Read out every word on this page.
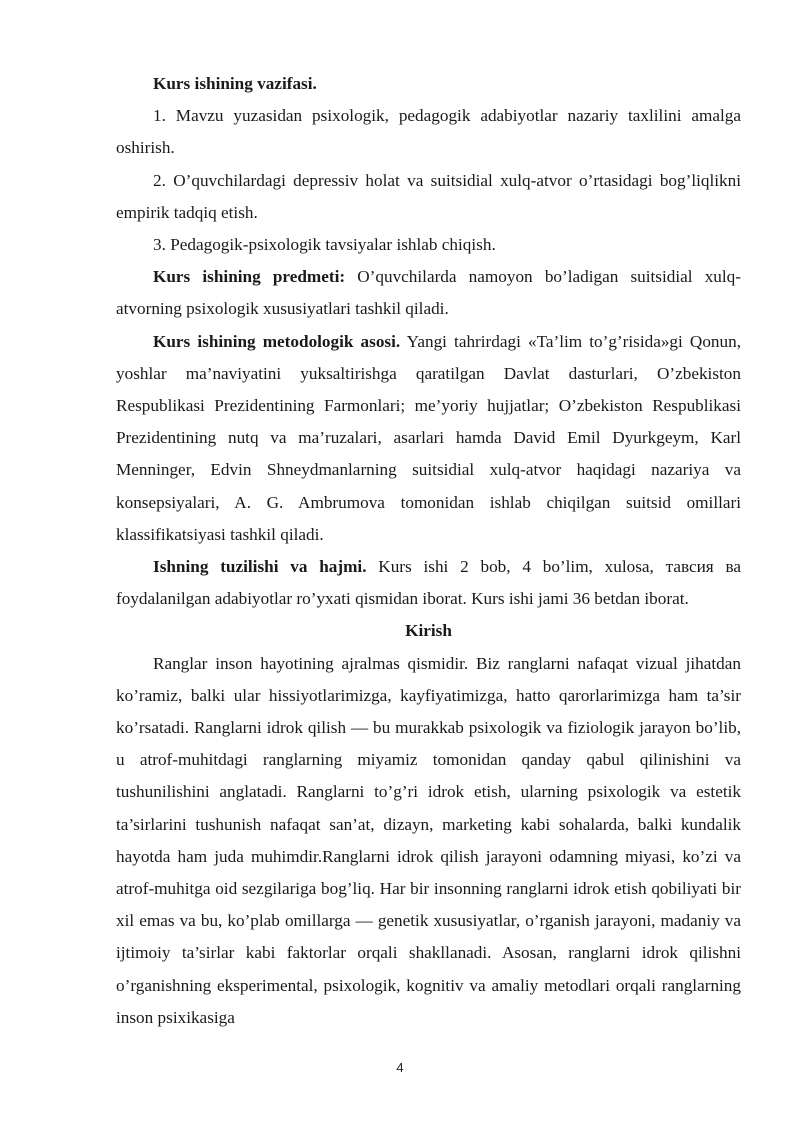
Kurs ishining vazifasi.

1. Mavzu yuzasidan psixologik, pedagogik adabiyotlar nazariy taxlilini amalga oshirish.

2. O’quvchilardagi depressiv holat va suitsidial xulq-atvor o’rtasidagi bog’liqlikni empirik tadqiq etish.

3. Pedagogik-psixologik tavsiyalar ishlab chiqish.

Kurs ishining predmeti: O’quvchilarda namoyon bo’ladigan suitsidial xulq-atvorning psixologik xususiyatlari tashkil qiladi.

Kurs ishining metodologik asosi. Yangi tahrirdagi «Ta’lim to’g’risida»gi Qonun, yoshlar ma’naviyatini yuksaltirishga qaratilgan Davlat dasturlari, O’zbekiston Respublikasi Prezidentining Farmonlari; me’yoriy hujjatlar; O’zbekiston Respublikasi Prezidentining nutq va ma’ruzalari, asarlari hamda David Emil Dyurkgeym, Karl Menninger, Edvin Shneydmanlarning suitsidial xulq-atvor haqidagi nazariya va konsepsiyalari, A. G. Ambrumova tomonidan ishlab chiqilgan suitsid omillari klassifikatsiyasi tashkil qiladi.

Ishning tuzilishi va hajmi. Kurs ishi 2 bob, 4 bo’lim, xulosa, тавсия ва foydalanilgan adabiyotlar ro’yxati qismidan iborat. Kurs ishi jami 36 betdan iborat.

Kirish

Ranglar inson hayotining ajralmas qismidir. Biz ranglarni nafaqat vizual jihatdan ko’ramiz, balki ular hissiyotlarimizga, kayfiyatimizga, hatto qarorlarimizga ham ta’sir ko’rsatadi. Ranglarni idrok qilish — bu murakkab psixologik va fiziologik jarayon bo’lib, u atrof-muhitdagi ranglarning miyamiz tomonidan qanday qabul qilinishini va tushunilishini anglatadi. Ranglarni to’g’ri idrok etish, ularning psixologik va estetik ta’sirlarini tushunish nafaqat san’at, dizayn, marketing kabi sohalarda, balki kundalik hayotda ham juda muhimdir.Ranglarni idrok qilish jarayoni odamning miyasi, ko’zi va atrof-muhitga oid sezgilariga bog’liq. Har bir insonning ranglarni idrok etish qobiliyati bir xil emas va bu, ko’plab omillarga — genetik xususiyatlar, o’rganish jarayoni, madaniy va ijtimoiy ta’sirlar kabi faktorlar orqali shakllanadi. Asosan, ranglarni idrok qilishni o’rganishning eksperimental, psixologik, kognitiv va amaliy metodlari orqali ranglarning inson psixikasiga

4
